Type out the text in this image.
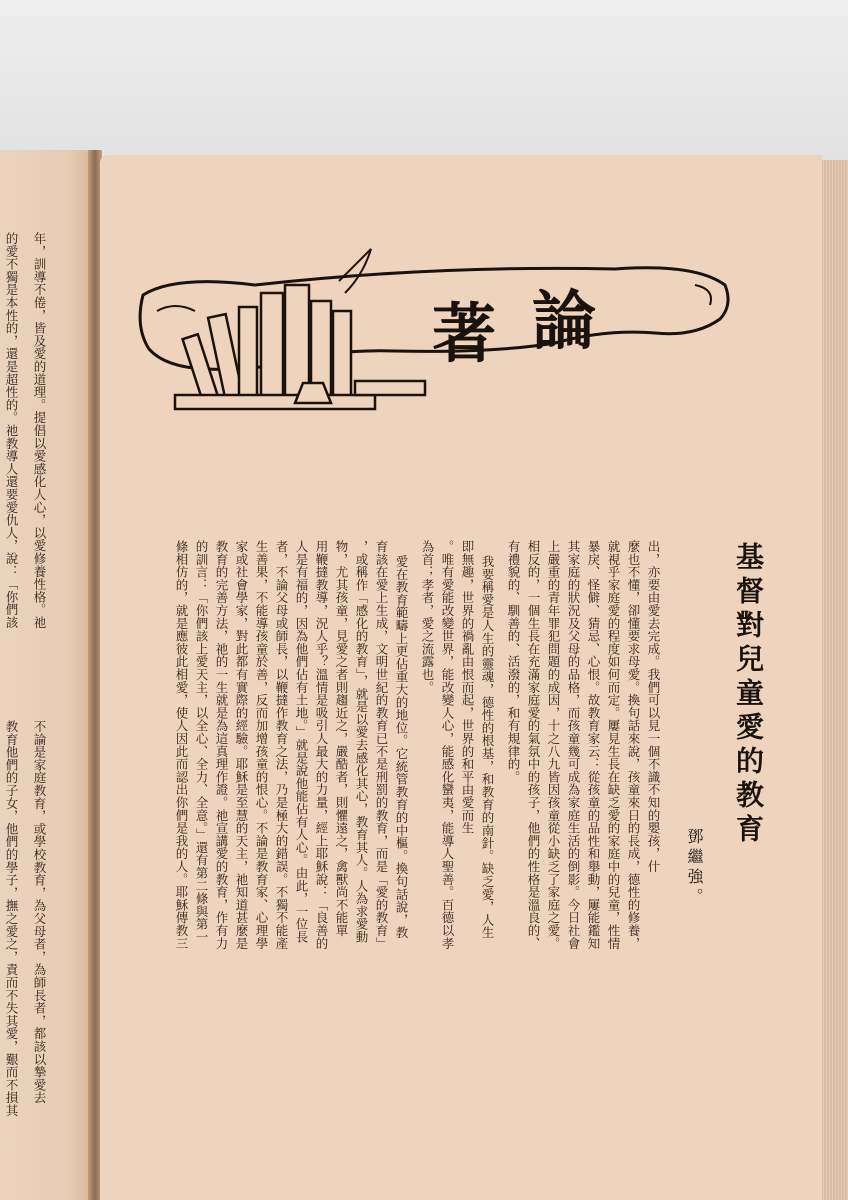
的愛不獨是本性的，還是超性的。祂教導人還要愛仇人，說：「你們該 年，訓導不倦，皆及愛的道理。提倡以愛感化人心，以愛修養性格。祂
教育他們的子女，他們的學子，撫之愛之，責而不失其愛，艱而不損其 不論是家庭教育，或學校教育，為父母者，為師長者，都該以摯愛去
著 論
基督對兒童愛的教育
鄧繼強。
出，亦要由愛去完成。我們可以見一個不識不知的嬰孩，什
麼也不懂，卻懂要求母愛。換句話來說，孩童來日的長成，德性的修養，
就視乎家庭愛的程度如何而定。屢見生長在缺乏愛的家庭中的兒童，性情
暴戾、怪僻、猜忌、心恨。故教育家云：從孩童的品性和舉動，屢能鑑知
其家庭的狀況及父母的品格，而孩童幾可成為家庭生活的倒影。今日社會
上嚴重的青年罪犯問題的成因，十之八九皆因孩童從小缺乏了家庭之愛。
相反的，一個生長在充滿家庭愛的氣氛中的孩子，他們的性格是溫良的、
有禮貌的、馴善的、活潑的，和有規律的。
我要稱愛是人生的靈魂，德性的根基，和教育的南針。缺乏愛，人生
即無趣，世界的禍亂由恨而起，世界的和平由愛而生
。唯有愛能改變世界，能改變人心，能感化蠻夷，能導人聖善。百德以孝
為首；孝者，愛之流露也。
愛在教育範疇上更佔重大的地位。它統管教育的中樞。換句話說，教
育該在愛上生成，文明世紀的教育已不是刑罰的教育，而是「愛的教育」
，或稱作「感化的教育」，就是以愛去感化其心，教育其人。人為求愛動
物，尤其孩童，見愛之者則趨近之，嚴酷者，則懼遠之，禽獸尚不能單
用鞭撻教導，況人乎？溫情是吸引人最大的力量，經上耶穌說：「良善的
人是有福的，因為他們佔有土地。」就是說他能佔有人心。由此，一位長
者，不論父母或師長，以鞭撻作教育之法，乃是極大的錯誤。不獨不能產
生善果，不能導孩童於善，反而加增孩童的恨心。不論是教育家、心理學
家或社會學家，對此都有實際的經驗。耶穌是至慧的天主，祂知道甚麼是
教育的完善方法，祂的一生就是為這真理作證。祂宣講愛的教育，作有力
的訓言：「你們該上愛天主，以全心、全力、全意。」還有第二條與第一
條相仿的，就是應彼此相愛，使人因此而認出你們是我的人。耶穌傳教三
